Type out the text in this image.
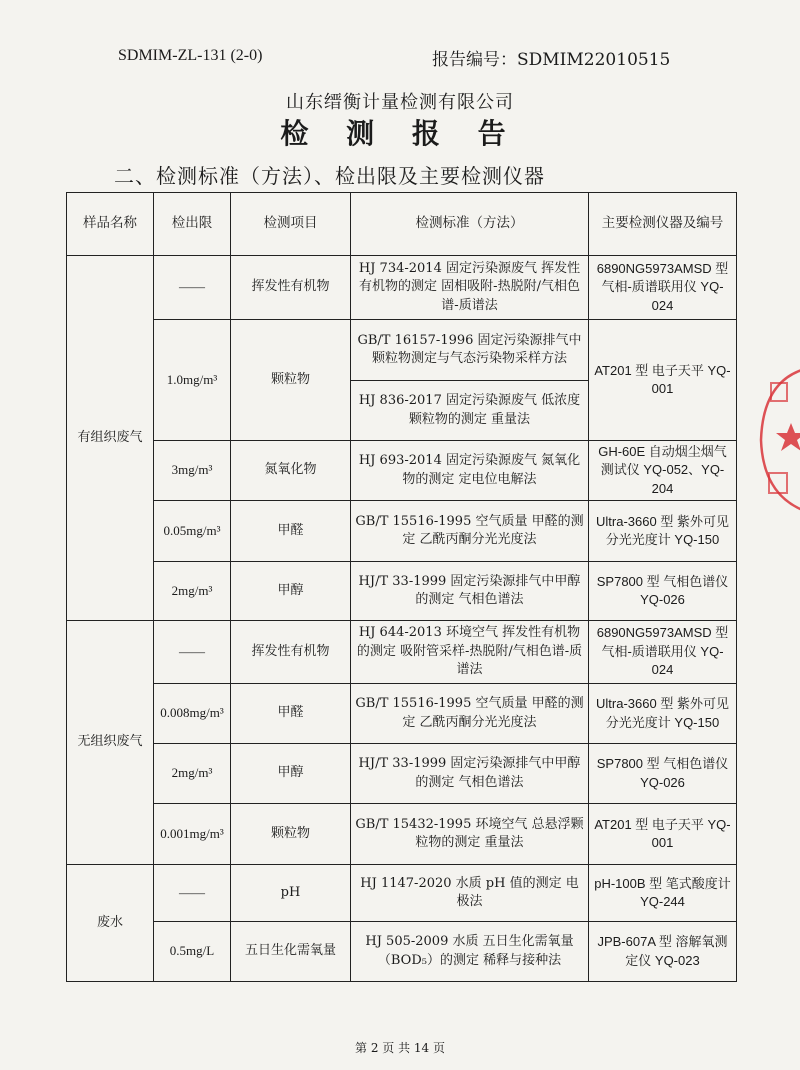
SDMIM-ZL-131 (2-0)	报告编号：SDMIM22010515
山东缙衡计量检测有限公司
检 测 报 告
二、检测标准（方法）、检出限及主要检测仪器
样品名称	检出限	检测项目	检测标准（方法）	主要检测仪器及编号
有组织废气	——	挥发性有机物	HJ 734-2014 固定污染源废气 挥发性有机物的测定 固相吸附-热脱附/气相色谱-质谱法	6890NG5973AMSD 型 气相-质谱联用仪 YQ-024
	1.0mg/m³	颗粒物	GB/T 16157-1996 固定污染源排气中颗粒物测定与气态污染物采样方法	AT201 型 电子天平 YQ-001
			HJ 836-2017 固定污染源废气 低浓度颗粒物的测定 重量法	
	3mg/m³	氮氧化物	HJ 693-2014 固定污染源废气 氮氧化物的测定 定电位电解法	GH-60E 自动烟尘烟气测试仪 YQ-052、YQ-204
	0.05mg/m³	甲醛	GB/T 15516-1995 空气质量 甲醛的测定 乙酰丙酮分光光度法	Ultra-3660 型 紫外可见分光光度计 YQ-150
	2mg/m³	甲醇	HJ/T 33-1999 固定污染源排气中甲醇的测定 气相色谱法	SP7800 型 气相色谱仪 YQ-026
无组织废气	——	挥发性有机物	HJ 644-2013 环境空气 挥发性有机物的测定 吸附管采样-热脱附/气相色谱-质谱法	6890NG5973AMSD 型 气相-质谱联用仪 YQ-024
	0.008mg/m³	甲醛	GB/T 15516-1995 空气质量 甲醛的测定 乙酰丙酮分光光度法	Ultra-3660 型 紫外可见分光光度计 YQ-150
	2mg/m³	甲醇	HJ/T 33-1999 固定污染源排气中甲醇的测定 气相色谱法	SP7800 型 气相色谱仪 YQ-026
	0.001mg/m³	颗粒物	GB/T 15432-1995 环境空气 总悬浮颗粒物的测定 重量法	AT201 型 电子天平 YQ-001
废水	——	pH	HJ 1147-2020 水质 pH 值的测定 电极法	pH-100B 型 笔式酸度计 YQ-244
	0.5mg/L	五日生化需氧量	HJ 505-2009 水质 五日生化需氧量（BOD₅）的测定 稀释与接种法	JPB-607A 型 溶解氧测定仪 YQ-023
第 2 页 共 14 页
